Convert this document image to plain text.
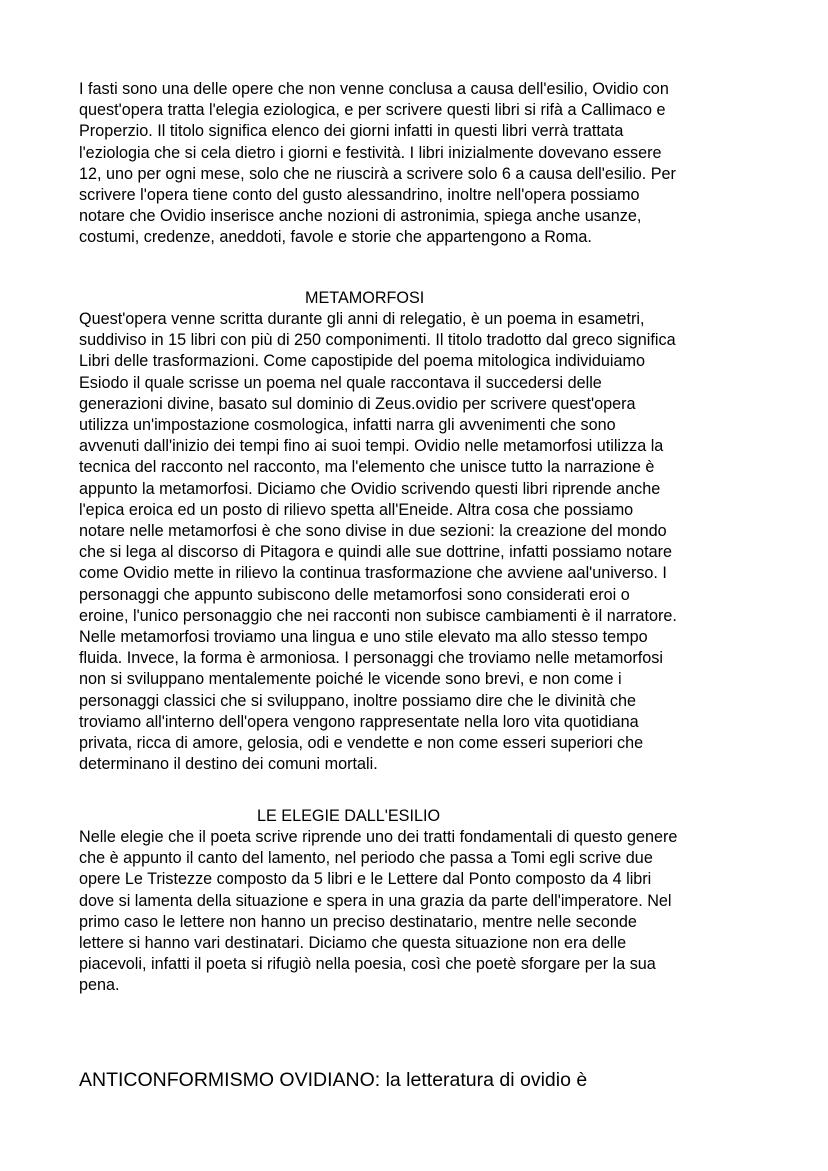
I fasti sono una delle opere che non venne conclusa a causa dell'esilio, Ovidio con
quest'opera tratta l'elegia eziologica, e per scrivere questi libri si rifà a Callimaco e
Properzio. Il titolo significa elenco dei giorni infatti in questi libri verrà trattata
l'eziologia che si cela dietro i giorni e festività. I libri inizialmente dovevano essere
12, uno per ogni mese, solo che ne riuscirà a scrivere solo 6 a causa dell'esilio. Per
scrivere l'opera tiene conto del gusto alessandrino, inoltre nell'opera possiamo
notare che Ovidio inserisce anche nozioni di astronimia, spiega anche usanze,
costumi, credenze, aneddoti, favole e storie che appartengono a Roma.
METAMORFOSI
Quest'opera venne scritta durante gli anni di relegatio, è un poema in esametri,
suddiviso in 15 libri con più di 250 componimenti. Il titolo tradotto dal greco significa
Libri delle trasformazioni. Come capostipide del poema mitologica individuiamo
Esiodo il quale scrisse un poema nel quale raccontava il succedersi delle
generazioni divine, basato sul dominio di Zeus.ovidio per scrivere quest'opera
utilizza un'impostazione cosmologica, infatti narra gli avvenimenti che sono
avvenuti dall'inizio dei tempi fino ai suoi tempi. Ovidio nelle metamorfosi utilizza la
tecnica del racconto nel racconto, ma l'elemento che unisce tutto la narrazione è
appunto la metamorfosi. Diciamo che Ovidio scrivendo questi libri riprende anche
l'epica eroica ed un posto di rilievo spetta all'Eneide. Altra cosa che possiamo
notare nelle metamorfosi è che sono divise in due sezioni: la creazione del mondo
che si lega al discorso di Pitagora e quindi alle sue dottrine, infatti possiamo notare
come Ovidio mette in rilievo la continua trasformazione che avviene aal'universo. I
personaggi che appunto subiscono delle metamorfosi sono considerati eroi o
eroine, l'unico personaggio che nei racconti non subisce cambiamenti è il narratore.
Nelle metamorfosi troviamo una lingua e uno stile elevato ma allo stesso tempo
fluida. Invece, la forma è armoniosa. I personaggi che troviamo nelle metamorfosi
non si sviluppano mentalemente poiché le vicende sono brevi, e non come i
personaggi classici che si sviluppano, inoltre possiamo dire che le divinità che
troviamo all'interno dell'opera vengono rappresentate nella loro vita quotidiana
privata, ricca di amore, gelosia, odi e vendette e non come esseri superiori che
determinano il destino dei comuni mortali.
LE ELEGIE DALL'ESILIO
Nelle elegie che il poeta scrive riprende uno dei tratti fondamentali di questo genere
che è appunto il canto del lamento, nel periodo che passa a Tomi egli scrive due
opere Le Tristezze composto da 5 libri e le Lettere dal Ponto composto da 4 libri
dove si lamenta della situazione e spera in una grazia da parte dell'imperatore. Nel
primo caso le lettere non hanno un preciso destinatario, mentre nelle seconde
lettere si hanno vari destinatari. Diciamo che questa situazione non era delle
piacevoli, infatti il poeta si rifugiò nella poesia, così che poetè sforgare per la sua
pena.
ANTICONFORMISMO OVIDIANO: la letteratura di ovidio è
